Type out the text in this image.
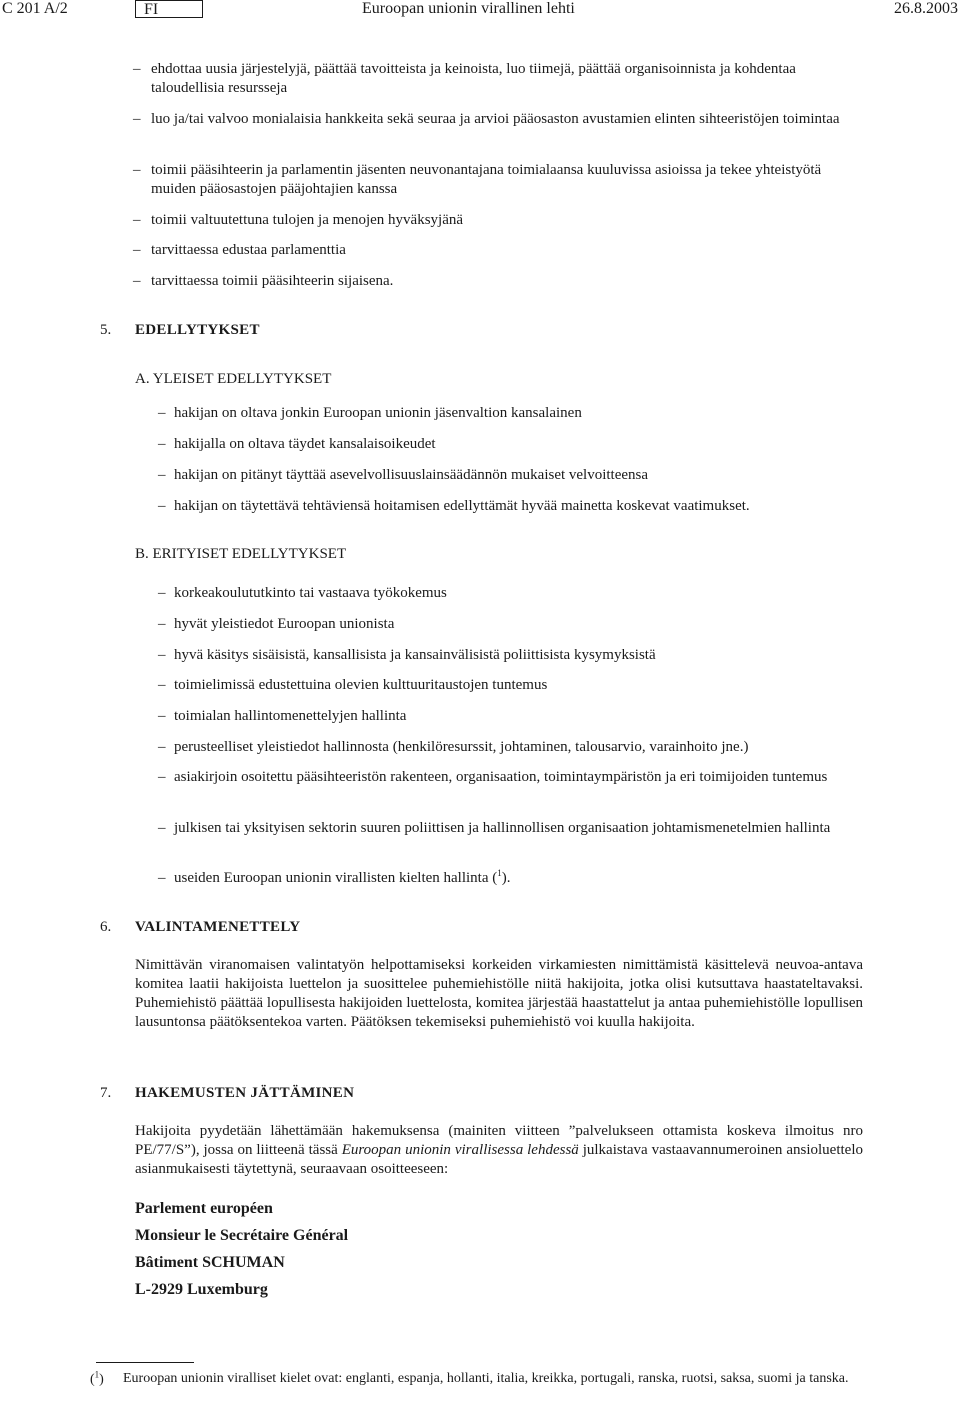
C 201 A/2	FI	Euroopan unionin virallinen lehti	26.8.2003
– ehdottaa uusia järjestelyjä, päättää tavoitteista ja keinoista, luo tiimejä, päättää organisoinnista ja kohdentaa taloudellisia resursseja
– luo ja/tai valvoo monialaisia hankkeita sekä seuraa ja arvioi pääosaston avustamien elinten sihteeristöjen toimintaa
– toimii pääsihteerin ja parlamentin jäsenten neuvonantajana toimialaansa kuuluvissa asioissa ja tekee yhteistyötä muiden pääosastojen pääjohtajien kanssa
– toimii valtuutettuna tulojen ja menojen hyväksyjänä
– tarvittaessa edustaa parlamenttia
– tarvittaessa toimii pääsihteerin sijaisena.
5. EDELLYTYKSET
A. YLEISET EDELLYTYKSET
– hakijan on oltava jonkin Euroopan unionin jäsenvaltion kansalainen
– hakijalla on oltava täydet kansalaisoikeudet
– hakijan on pitänyt täyttää asevelvollisuuslainsäädännön mukaiset velvoitteensa
– hakijan on täytettävä tehtäviensä hoitamisen edellyttämät hyvää mainetta koskevat vaatimukset.
B. ERITYISET EDELLYTYKSET
– korkeakoulututkinto tai vastaava työkokemus
– hyvät yleistiedot Euroopan unionista
– hyvä käsitys sisäisistä, kansallisista ja kansainvälisistä poliittisista kysymyksistä
– toimielimissä edustettuina olevien kulttuuritaustojen tuntemus
– toimialan hallintomenettelyjen hallinta
– perusteelliset yleistiedot hallinnosta (henkilöresurssit, johtaminen, talousarvio, varainhoito jne.)
– asiakirjoin osoitettu pääsihteeristön rakenteen, organisaation, toimintaympäristön ja eri toimijoiden tuntemus
– julkisen tai yksityisen sektorin suuren poliittisen ja hallinnollisen organisaation johtamismenetelmien hallinta
– useiden Euroopan unionin virallisten kielten hallinta ($^1$).
6. VALINTAMENETTELY
Nimittävän viranomaisen valintatyön helpottamiseksi korkeiden virkamiesten nimittämistä käsittelevä neuvoa-antava komitea laatii hakijoista luettelon ja suosittelee puhemiehistölle niitä hakijoita, jotka olisi kutsuttava haastateltavaksi. Puhemiehistö päättää lopullisesta hakijoiden luettelosta, komitea järjestää haastattelut ja antaa puhemiehistölle lopullisen lausuntonsa päätöksentekoa varten. Päätöksen tekemiseksi puhemiehistö voi kuulla hakijoita.
7. HAKEMUSTEN JÄTTÄMINEN
Hakijoita pyydetään lähettämään hakemuksensa (mainiten viitteen ”palvelukseen ottamista koskeva ilmoitus nro PE/77/S”), jossa on liitteenä tässä Euroopan unionin virallisessa lehdessä julkaistava vastaavannumeroinen ansioluettelo asianmukaisesti täytettynä, seuraavaan osoitteeseen:
Parlement européen
Monsieur le Secrétaire Général
Bâtiment SCHUMAN
L-2929 Luxemburg
($^1$) Euroopan unionin viralliset kielet ovat: englanti, espanja, hollanti, italia, kreikka, portugali, ranska, ruotsi, saksa, suomi ja tanska.
